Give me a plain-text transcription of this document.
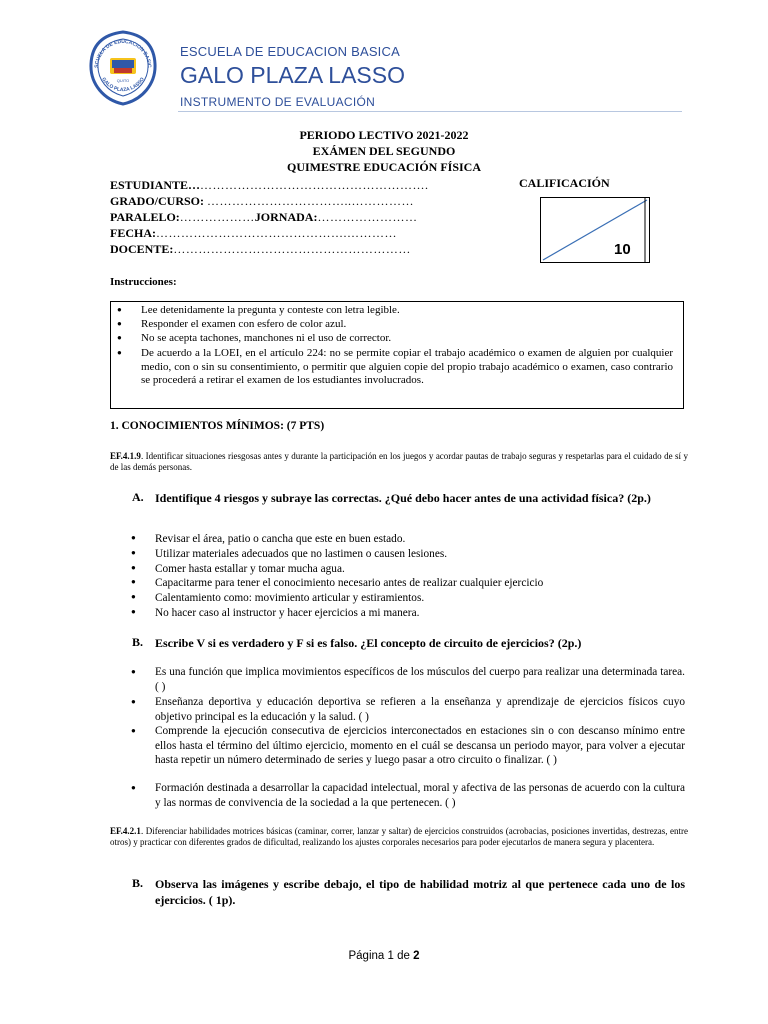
SCUELA DE EDUCACION BASIC
QUITO
GALO PLAZA LASSO
ESCUELA DE EDUCACION BASICA
GALO PLAZA LASSO
INSTRUMENTO DE EVALUACIÓN
PERIODO LECTIVO 2021-2022
EXÁMEN DEL SEGUNDO
QUIMESTRE EDUCACIÓN FÍSICA
ESTUDIANTE………………………………………………….
GRADO/CURSO: ……………………………..……………
PARALELO:………………JORNADA:……………………
FECHA:……………………………………….…………
DOCENTE:…………………………………………………
CALIFICACIÓN
10
Instrucciones:
● Lee detenidamente la pregunta y conteste con letra legible.
● Responder el examen con esfero de color azul.
● No se acepta tachones, manchones ni el uso de corrector.
● De acuerdo a la LOEI, en el artículo 224: no se permite copiar el trabajo académico o examen de alguien por cualquier medio, con o sin su consentimiento, o permitir que alguien copie del propio trabajo académico o examen, caso contrario se procederá a retirar el examen de los estudiantes involucrados.
1. CONOCIMIENTOS MÍNIMOS: (7 PTS)
EF.4.1.9. Identificar situaciones riesgosas antes y durante la participación en los juegos y acordar pautas de trabajo seguras y respetarlas para el cuidado de sí y de las demás personas.
A. Identifique 4 riesgos y subraye las correctas. ¿Qué debo hacer antes de una actividad física? (2p.)
● Revisar el área, patio o cancha que este en buen estado.
● Utilizar materiales adecuados que no lastimen o causen lesiones.
● Comer hasta estallar y tomar mucha agua.
● Capacitarme para tener el conocimiento necesario antes de realizar cualquier ejercicio
● Calentamiento como: movimiento articular y estiramientos.
● No hacer caso al instructor y hacer ejercicios a mi manera.
B. Escribe V si es verdadero y F si es falso. ¿El concepto de circuito de ejercicios? (2p.)
● Es una función que implica movimientos específicos de los músculos del cuerpo para realizar una determinada tarea. ( )
● Enseñanza deportiva y educación deportiva se refieren a la enseñanza y aprendizaje de ejercicios físicos cuyo objetivo principal es la educación y la salud. ( )
● Comprende la ejecución consecutiva de ejercicios interconectados en estaciones sin o con descanso mínimo entre ellos hasta el término del último ejercicio, momento en el cuál se descansa un periodo mayor, para volver a ejecutar hasta repetir un número determinado de series y luego pasar a otro circuito o finalizar. ( )
● Formación destinada a desarrollar la capacidad intelectual, moral y afectiva de las personas de acuerdo con la cultura y las normas de convivencia de la sociedad a la que pertenecen. ( )
EF.4.2.1. Diferenciar habilidades motrices básicas (caminar, correr, lanzar y saltar) de ejercicios construidos (acrobacias, posiciones invertidas, destrezas, entre otros) y practicar con diferentes grados de dificultad, realizando los ajustes corporales necesarios para poder ejecutarlos de manera segura y placentera.
B. Observa las imágenes y escribe debajo, el tipo de habilidad motriz al que pertenece cada uno de los ejercicios. ( 1p).
Página 1 de 2
